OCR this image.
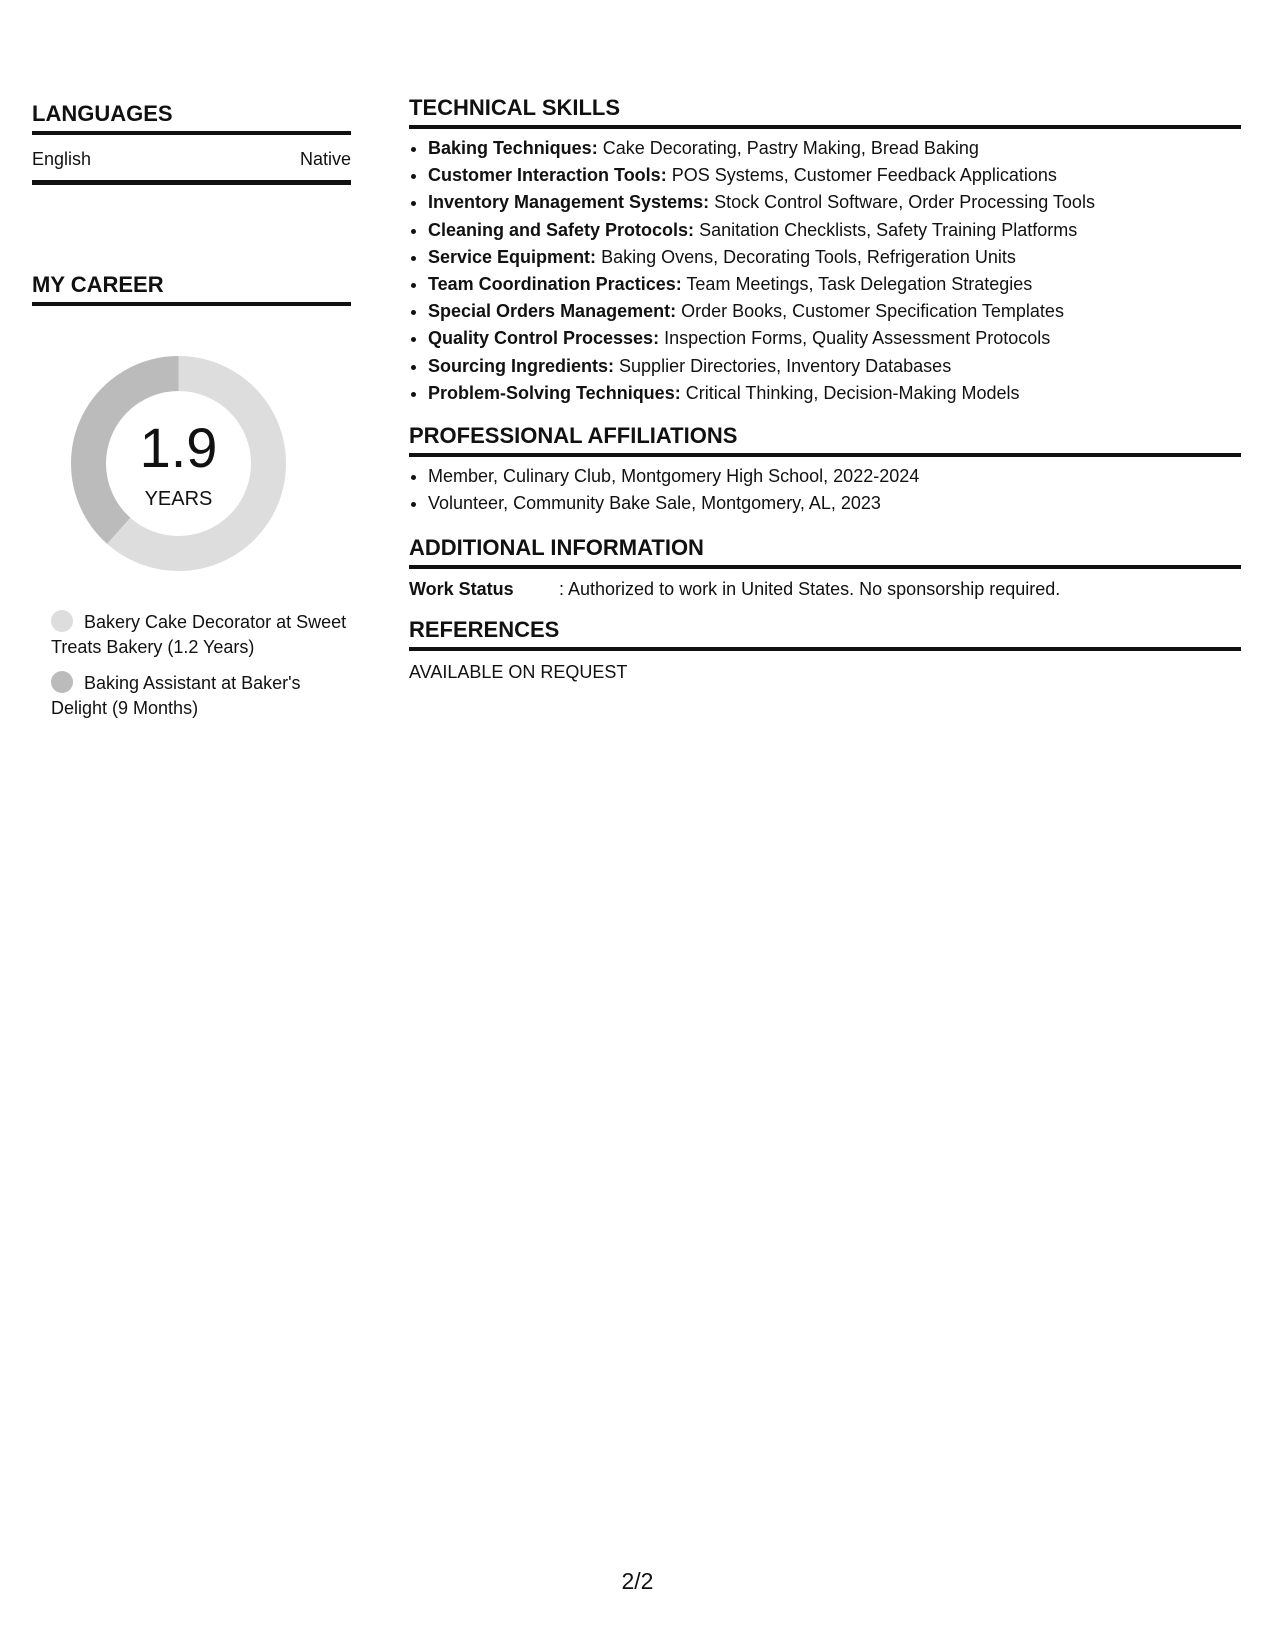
LANGUAGES
English	Native
MY CAREER
1.9
YEARS
Bakery Cake Decorator at Sweet Treats Bakery (1.2 Years)
Baking Assistant at Baker's Delight (9 Months)
TECHNICAL SKILLS
• Baking Techniques: Cake Decorating, Pastry Making, Bread Baking
• Customer Interaction Tools: POS Systems, Customer Feedback Applications
• Inventory Management Systems: Stock Control Software, Order Processing Tools
• Cleaning and Safety Protocols: Sanitation Checklists, Safety Training Platforms
• Service Equipment: Baking Ovens, Decorating Tools, Refrigeration Units
• Team Coordination Practices: Team Meetings, Task Delegation Strategies
• Special Orders Management: Order Books, Customer Specification Templates
• Quality Control Processes: Inspection Forms, Quality Assessment Protocols
• Sourcing Ingredients: Supplier Directories, Inventory Databases
• Problem-Solving Techniques: Critical Thinking, Decision-Making Models
PROFESSIONAL AFFILIATIONS
• Member, Culinary Club, Montgomery High School, 2022-2024
• Volunteer, Community Bake Sale, Montgomery, AL, 2023
ADDITIONAL INFORMATION
Work Status	: Authorized to work in United States. No sponsorship required.
REFERENCES
AVAILABLE ON REQUEST
2/2
